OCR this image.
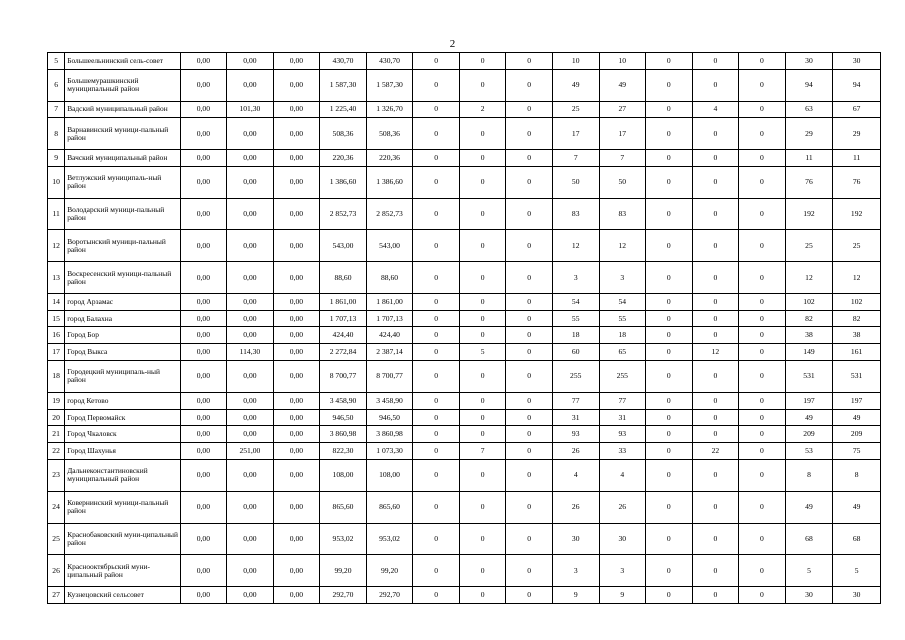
2
5	Большеельнинский сель-совет	0,00	0,00	0,00	430,70	430,70	0	0	0	10	10	0	0	0	30	30
6	Большемурашкинский муниципальный район	0,00	0,00	0,00	1 587,30	1 587,30	0	0	0	49	49	0	0	0	94	94
7	Вадский муниципальный район	0,00	101,30	0,00	1 225,40	1 326,70	0	2	0	25	27	0	4	0	63	67
8	Варнавинский муници-пальный район	0,00	0,00	0,00	508,36	508,36	0	0	0	17	17	0	0	0	29	29
9	Вачский муниципальный район	0,00	0,00	0,00	220,36	220,36	0	0	0	7	7	0	0	0	11	11
10	Ветлужский муниципаль-ный район	0,00	0,00	0,00	1 386,60	1 386,60	0	0	0	50	50	0	0	0	76	76
11	Володарский муници-пальный район	0,00	0,00	0,00	2 852,73	2 852,73	0	0	0	83	83	0	0	0	192	192
12	Воротынский муници-пальный район	0,00	0,00	0,00	543,00	543,00	0	0	0	12	12	0	0	0	25	25
13	Воскресенский муници-пальный район	0,00	0,00	0,00	88,60	88,60	0	0	0	3	3	0	0	0	12	12
14	город Арзамас	0,00	0,00	0,00	1 861,00	1 861,00	0	0	0	54	54	0	0	0	102	102
15	город Балахна	0,00	0,00	0,00	1 707,13	1 707,13	0	0	0	55	55	0	0	0	82	82
16	Город Бор	0,00	0,00	0,00	424,40	424,40	0	0	0	18	18	0	0	0	38	38
17	Город Выкса	0,00	114,30	0,00	2 272,84	2 387,14	0	5	0	60	65	0	12	0	149	161
18	Городецкий муниципаль-ный район	0,00	0,00	0,00	8 700,77	8 700,77	0	0	0	255	255	0	0	0	531	531
19	город Кетово	0,00	0,00	0,00	3 458,90	3 458,90	0	0	0	77	77	0	0	0	197	197
20	Город Первомайск	0,00	0,00	0,00	946,50	946,50	0	0	0	31	31	0	0	0	49	49
21	Город Чкаловск	0,00	0,00	0,00	3 860,98	3 860,98	0	0	0	93	93	0	0	0	209	209
22	Город Шахунья	0,00	251,00	0,00	822,30	1 073,30	0	7	0	26	33	0	22	0	53	75
23	Дальнеконстантиновский муниципальный район	0,00	0,00	0,00	108,00	108,00	0	0	0	4	4	0	0	0	8	8
24	Ковернинский муници-пальный район	0,00	0,00	0,00	865,60	865,60	0	0	0	26	26	0	0	0	49	49
25	Краснобаковский муни-ципальный район	0,00	0,00	0,00	953,02	953,02	0	0	0	30	30	0	0	0	68	68
26	Краснооктябрьский муни-ципальный район	0,00	0,00	0,00	99,20	99,20	0	0	0	3	3	0	0	0	5	5
27	Кузнецовский сельсовет	0,00	0,00	0,00	292,70	292,70	0	0	0	9	9	0	0	0	30	30
